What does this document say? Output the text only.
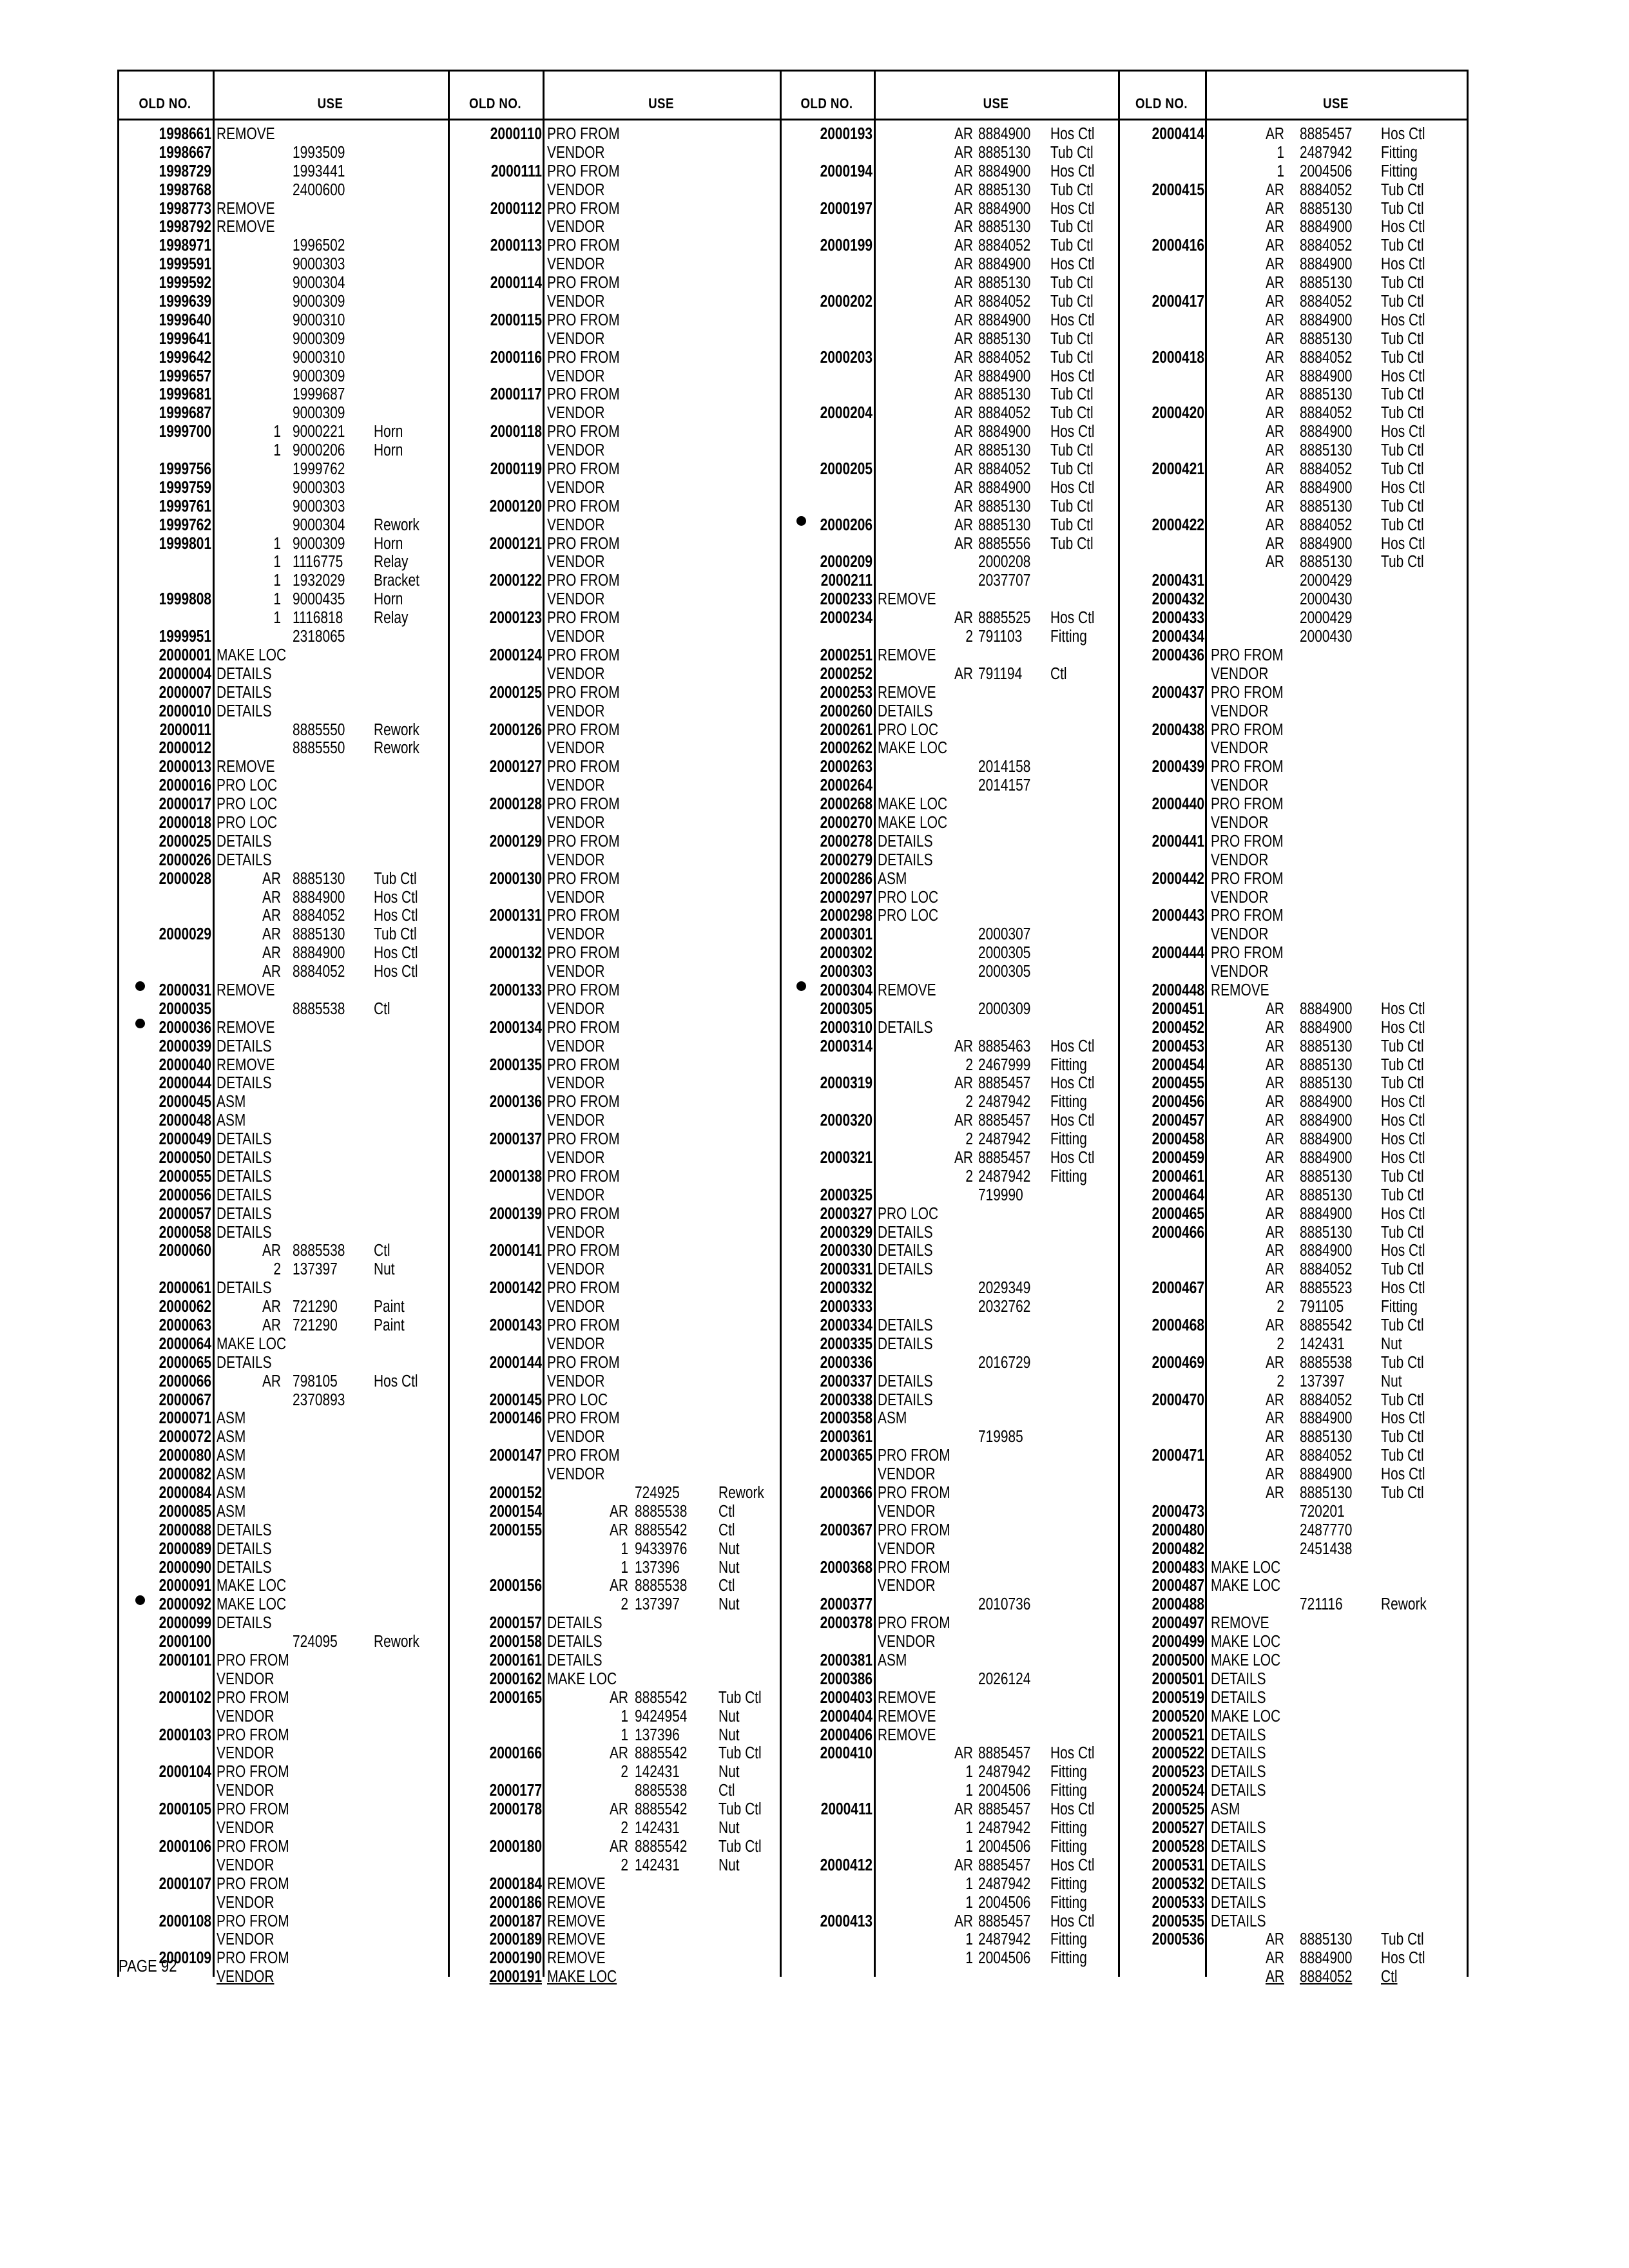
OLD NO.	USE	OLD NO.	USE	OLD NO.	USE	OLD NO.	USE
1998661 REMOVE
1998667	1993509
1998729	1993441
1998768	2400600
1998773 REMOVE
1998792 REMOVE
1998971	1996502
1999591	9000303
1999592	9000304
1999639	9000309
1999640	9000310
1999641	9000309
1999642	9000310
1999657	9000309
1999681	1999687
1999687	9000309
1999700	1 9000221 Horn
1 9000206 Horn
1999756	1999762
1999759	9000303
1999761	9000303
1999762	9000304 Rework
1999801	1 9000309 Horn
1 1116775 Relay
1 1932029 Bracket
1999808	1 9000435 Horn
1 1116818 Relay
1999951	2318065
2000001 MAKE LOC
2000004 DETAILS
2000007 DETAILS
2000010 DETAILS
2000011	8885550 Rework
2000012	8885550 Rework
2000013 REMOVE
2000016 PRO LOC
2000017 PRO LOC
2000018 PRO LOC
2000025 DETAILS
2000026 DETAILS
2000028	AR 8885130 Tub Ctl
AR 8884900 Hos Ctl
AR 8884052 Hos Ctl
2000029	AR 8885130 Tub Ctl
AR 8884900 Hos Ctl
AR 8884052 Hos Ctl
2000031 REMOVE
2000035	8885538 Ctl
2000036 REMOVE
2000039 DETAILS
2000040 REMOVE
2000044 DETAILS
2000045 ASM
2000048 ASM
2000049 DETAILS
2000050 DETAILS
2000055 DETAILS
2000056 DETAILS
2000057 DETAILS
2000058 DETAILS
2000060	AR 8885538 Ctl
2 137397 Nut
2000061 DETAILS
2000062	AR 721290 Paint
2000063	AR 721290 Paint
2000064 MAKE LOC
2000065 DETAILS
2000066	AR 798105 Hos Ctl
2000067	2370893
2000071 ASM
2000072 ASM
2000080 ASM
2000082 ASM
2000084 ASM
2000085 ASM
2000088 DETAILS
2000089 DETAILS
2000090 DETAILS
2000091 MAKE LOC
2000092 MAKE LOC
2000099 DETAILS
2000100	724095 Rework
2000101 PRO FROM
VENDOR
2000102 PRO FROM
VENDOR
2000103 PRO FROM
VENDOR
2000104 PRO FROM
VENDOR
2000105 PRO FROM
VENDOR
2000106 PRO FROM
VENDOR
2000107 PRO FROM
VENDOR
2000108 PRO FROM
VENDOR
2000109 PRO FROM
VENDOR
2000110 PRO FROM
VENDOR
2000111 PRO FROM
VENDOR
2000112 PRO FROM
VENDOR
2000113 PRO FROM
VENDOR
2000114 PRO FROM
VENDOR
2000115 PRO FROM
VENDOR
2000116 PRO FROM
VENDOR
2000117 PRO FROM
VENDOR
2000118 PRO FROM
VENDOR
2000119 PRO FROM
VENDOR
2000120 PRO FROM
VENDOR
2000121 PRO FROM
VENDOR
2000122 PRO FROM
VENDOR
2000123 PRO FROM
VENDOR
2000124 PRO FROM
VENDOR
2000125 PRO FROM
VENDOR
2000126 PRO FROM
VENDOR
2000127 PRO FROM
VENDOR
2000128 PRO FROM
VENDOR
2000129 PRO FROM
VENDOR
2000130 PRO FROM
VENDOR
2000131 PRO FROM
VENDOR
2000132 PRO FROM
VENDOR
2000133 PRO FROM
VENDOR
2000134 PRO FROM
VENDOR
2000135 PRO FROM
VENDOR
2000136 PRO FROM
VENDOR
2000137 PRO FROM
VENDOR
2000138 PRO FROM
VENDOR
2000139 PRO FROM
VENDOR
2000141 PRO FROM
VENDOR
2000142 PRO FROM
VENDOR
2000143 PRO FROM
VENDOR
2000144 PRO FROM
VENDOR
2000145 PRO LOC
2000146 PRO FROM
VENDOR
2000147 PRO FROM
VENDOR
2000152	724925 Rework
2000154	AR 8885538 Ctl
2000155	AR 8885542 Ctl
1 9433976 Nut
1 137396 Nut
2000156	AR 8885538 Ctl
2 137397 Nut
2000157 DETAILS
2000158 DETAILS
2000161 DETAILS
2000162 MAKE LOC
2000165	AR 8885542 Tub Ctl
1 9424954 Nut
1 137396 Nut
2000166	AR 8885542 Tub Ctl
2 142431 Nut
2000177	8885538 Ctl
2000178	AR 8885542 Tub Ctl
2 142431 Nut
2000180	AR 8885542 Tub Ctl
2 142431 Nut
2000184 REMOVE
2000186 REMOVE
2000187 REMOVE
2000189 REMOVE
2000190 REMOVE
2000191 MAKE LOC
2000193	AR 8884900 Hos Ctl
AR 8885130 Tub Ctl
2000194	AR 8884900 Hos Ctl
AR 8885130 Tub Ctl
2000197	AR 8884900 Hos Ctl
AR 8885130 Tub Ctl
2000199	AR 8884052 Tub Ctl
AR 8884900 Hos Ctl
AR 8885130 Tub Ctl
2000202	AR 8884052 Tub Ctl
AR 8884900 Hos Ctl
AR 8885130 Tub Ctl
2000203	AR 8884052 Tub Ctl
AR 8884900 Hos Ctl
AR 8885130 Tub Ctl
2000204	AR 8884052 Tub Ctl
AR 8884900 Hos Ctl
AR 8885130 Tub Ctl
2000205	AR 8884052 Tub Ctl
AR 8884900 Hos Ctl
AR 8885130 Tub Ctl
2000206	AR 8885130 Tub Ctl
AR 8885556 Tub Ctl
2000209	2000208
2000211	2037707
2000233 REMOVE
2000234	AR 8885525 Hos Ctl
2 791103 Fitting
2000251 REMOVE
2000252	AR 791194 Ctl
2000253 REMOVE
2000260 DETAILS
2000261 PRO LOC
2000262 MAKE LOC
2000263	2014158
2000264	2014157
2000268 MAKE LOC
2000270 MAKE LOC
2000278 DETAILS
2000279 DETAILS
2000286 ASM
2000297 PRO LOC
2000298 PRO LOC
2000301	2000307
2000302	2000305
2000303	2000305
2000304 REMOVE
2000305	2000309
2000310 DETAILS
2000314	AR 8885463 Hos Ctl
2 2467999 Fitting
2000319	AR 8885457 Hos Ctl
2 2487942 Fitting
2000320	AR 8885457 Hos Ctl
2 2487942 Fitting
2000321	AR 8885457 Hos Ctl
2 2487942 Fitting
2000325	719990
2000327 PRO LOC
2000329 DETAILS
2000330 DETAILS
2000331 DETAILS
2000332	2029349
2000333	2032762
2000334 DETAILS
2000335 DETAILS
2000336	2016729
2000337 DETAILS
2000338 DETAILS
2000358 ASM
2000361	719985
2000365 PRO FROM
VENDOR
2000366 PRO FROM
VENDOR
2000367 PRO FROM
VENDOR
2000368 PRO FROM
VENDOR
2000377	2010736
2000378 PRO FROM
VENDOR
2000381 ASM
2000386	2026124
2000403 REMOVE
2000404 REMOVE
2000406 REMOVE
2000410	AR 8885457 Hos Ctl
1 2487942 Fitting
1 2004506 Fitting
2000411	AR 8885457 Hos Ctl
1 2487942 Fitting
1 2004506 Fitting
2000412	AR 8885457 Hos Ctl
1 2487942 Fitting
1 2004506 Fitting
2000413	AR 8885457 Hos Ctl
1 2487942 Fitting
1 2004506 Fitting
2000414	AR 8885457 Hos Ctl
1 2487942 Fitting
1 2004506 Fitting
2000415	AR 8884052 Tub Ctl
AR 8885130 Tub Ctl
AR 8884900 Hos Ctl
2000416	AR 8884052 Tub Ctl
AR 8884900 Hos Ctl
AR 8885130 Tub Ctl
2000417	AR 8884052 Tub Ctl
AR 8884900 Hos Ctl
AR 8885130 Tub Ctl
2000418	AR 8884052 Tub Ctl
AR 8884900 Hos Ctl
AR 8885130 Tub Ctl
2000420	AR 8884052 Tub Ctl
AR 8884900 Hos Ctl
AR 8885130 Tub Ctl
2000421	AR 8884052 Tub Ctl
AR 8884900 Hos Ctl
AR 8885130 Tub Ctl
2000422	AR 8884052 Tub Ctl
AR 8884900 Hos Ctl
AR 8885130 Tub Ctl
2000431	2000429
2000432	2000430
2000433	2000429
2000434	2000430
2000436 PRO FROM
VENDOR
2000437 PRO FROM
VENDOR
2000438 PRO FROM
VENDOR
2000439 PRO FROM
VENDOR
2000440 PRO FROM
VENDOR
2000441 PRO FROM
VENDOR
2000442 PRO FROM
VENDOR
2000443 PRO FROM
VENDOR
2000444 PRO FROM
VENDOR
2000448 REMOVE
2000451	AR 8884900 Hos Ctl
2000452	AR 8884900 Hos Ctl
2000453	AR 8885130 Tub Ctl
2000454	AR 8885130 Tub Ctl
2000455	AR 8885130 Tub Ctl
2000456	AR 8884900 Hos Ctl
2000457	AR 8884900 Hos Ctl
2000458	AR 8884900 Hos Ctl
2000459	AR 8884900 Hos Ctl
2000461	AR 8885130 Tub Ctl
2000464	AR 8885130 Tub Ctl
2000465	AR 8884900 Hos Ctl
2000466	AR 8885130 Tub Ctl
AR 8884900 Hos Ctl
AR 8884052 Tub Ctl
2000467	AR 8885523 Hos Ctl
2 791105 Fitting
2000468	AR 8885542 Tub Ctl
2 142431 Nut
2000469	AR 8885538 Tub Ctl
2 137397 Nut
2000470	AR 8884052 Tub Ctl
AR 8884900 Hos Ctl
AR 8885130 Tub Ctl
2000471	AR 8884052 Tub Ctl
AR 8884900 Hos Ctl
AR 8885130 Tub Ctl
2000473	720201
2000480	2487770
2000482	2451438
2000483 MAKE LOC
2000487 MAKE LOC
2000488	721116 Rework
2000497 REMOVE
2000499 MAKE LOC
2000500 MAKE LOC
2000501 DETAILS
2000519 DETAILS
2000520 MAKE LOC
2000521 DETAILS
2000522 DETAILS
2000523 DETAILS
2000524 DETAILS
2000525 ASM
2000527 DETAILS
2000528 DETAILS
2000531 DETAILS
2000532 DETAILS
2000533 DETAILS
2000535 DETAILS
2000536	AR 8885130 Tub Ctl
AR 8884900 Hos Ctl
AR 8884052 Ctl
PAGE 92
